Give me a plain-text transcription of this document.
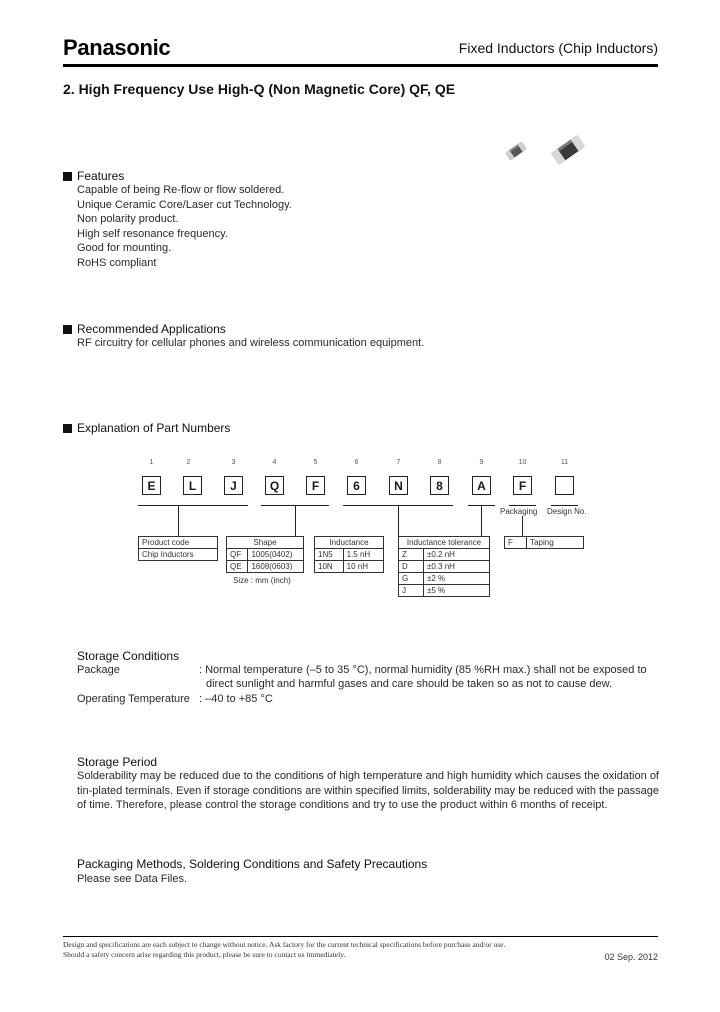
Panasonic	Fixed Inductors (Chip Inductors)
2. High Frequency Use High-Q (Non Magnetic Core) QF, QE
Features
Capable of being Re-flow or flow soldered.
Unique Ceramic Core/Laser cut Technology.
Non polarity product.
High self resonance frequency.
Good for mounting.
RoHS compliant
Recommended Applications
RF circuitry for cellular phones and wireless communication equipment.
Explanation of Part Numbers
1	2	3	4	5	6	7	8	9	10	11
E	L	J	Q	F	6	N	8	A	F
Packaging Design No.
Product code
Chip Inductors
Shape	
QF	1005(0402)
QE	1608(0603)
Size : mm (inch)
Inductance	
1N5	1.5 nH
10N	10 nH
Inductance tolerance	
Z	±0.2 nH
D	±0.3 nH
G	±2 %
J	±5 %
F	Taping
Storage Conditions
Package	: Normal temperature (–5 to 35 °C), normal humidity (85 %RH max.) shall not be exposed to
direct sunlight and harmful gases and care should be taken so as not to cause dew.
Operating Temperature : –40 to +85 °C
Storage Period
Solderability may be reduced due to the conditions of high temperature and high humidity which causes the oxidation of tin-plated terminals. Even if storage conditions are within specified limits, solderability may be reduced with the passage of time. Therefore, please control the storage conditions and try to use the product within 6 months of receipt.
Packaging Methods, Soldering Conditions and Safety Precautions
Please see Data Files.
Design and specifications are each subject to change without notice. Ask factory for the current technical specifications before purchase and/or use.
Should a safety concern arise regarding this product, please be sure to contact us immediately.	02 Sep. 2012
